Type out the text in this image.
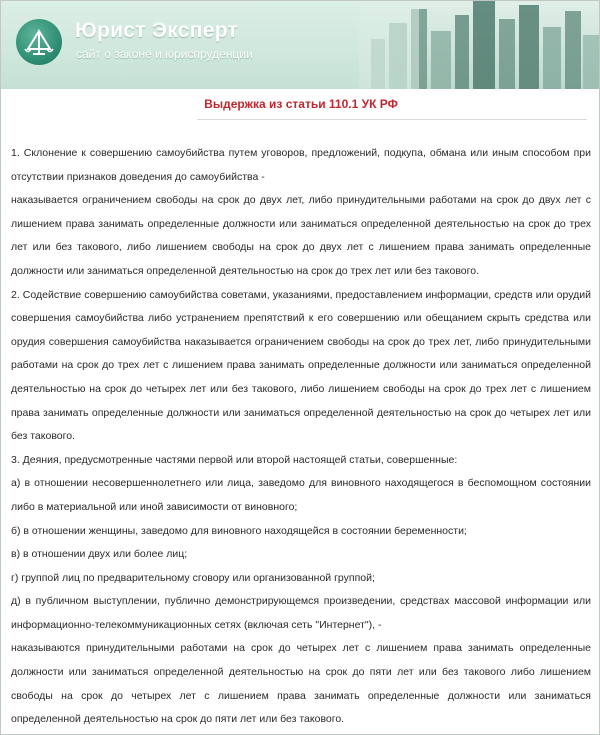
Юрист Эксперт
сайт о законе и юриспруденции
Выдержка из статьи 110.1 УК РФ

1. Склонение к совершению самоубийства путем уговоров, предложений, подкупа, обмана или иным способом при отсутствии признаков доведения до самоубийства -

наказывается ограничением свободы на срок до двух лет, либо принудительными работами на срок до двух лет с лишением права занимать определенные должности или заниматься определенной деятельностью на срок до трех лет или без такового, либо лишением свободы на срок до двух лет с лишением права занимать определенные должности или заниматься определенной деятельностью на срок до трех лет или без такового.

2. Содействие совершению самоубийства советами, указаниями, предоставлением информации, средств или орудий совершения самоубийства либо устранением препятствий к его совершению или обещанием скрыть средства или орудия совершения самоубийства наказывается ограничением свободы на срок до трех лет, либо принудительными работами на срок до трех лет с лишением права занимать определенные должности или заниматься определенной деятельностью на срок до четырех лет или без такового, либо лишением свободы на срок до трех лет с лишением права занимать определенные должности или заниматься определенной деятельностью на срок до четырех лет или без такового.

3. Деяния, предусмотренные частями первой или второй настоящей статьи, совершенные:

а) в отношении несовершеннолетнего или лица, заведомо для виновного находящегося в беспомощном состоянии либо в материальной или иной зависимости от виновного;

б) в отношении женщины, заведомо для виновного находящейся в состоянии беременности;

в) в отношении двух или более лиц;

г) группой лиц по предварительному сговору или организованной группой;

д) в публичном выступлении, публично демонстрирующемся произведении, средствах массовой информации или информационно-телекоммуникационных сетях (включая сеть "Интернет"), -

наказываются принудительными работами на срок до четырех лет с лишением права занимать определенные должности или заниматься определенной деятельностью на срок до пяти лет или без такового либо лишением свободы на срок до четырех лет с лишением права занимать определенные должности или заниматься определенной деятельностью на срок до пяти лет или без такового.
